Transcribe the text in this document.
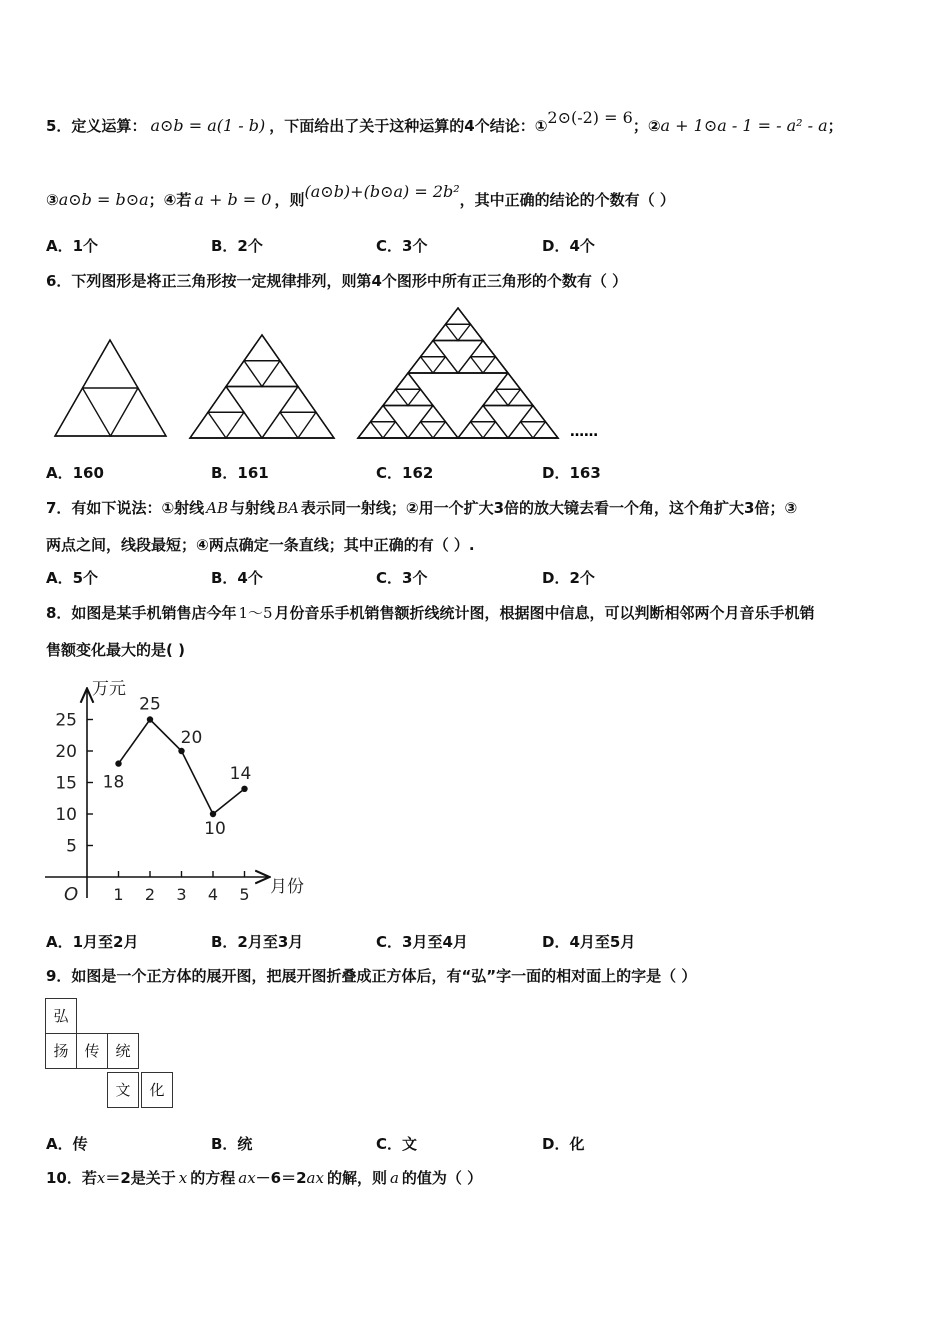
5．定义运算： a⊙b = a(1 - b) ，下面给出了关于这种运算的4个结论：①2⊙(-2) = 6；②a + 1⊙a - 1 = - a² - a；
③a⊙b = b⊙a；④若 a + b = 0 ，则(a⊙b)+(b⊙a) = 2b²，其中正确的结论的个数有（ ）
A．1个	B．2个	C．3个	D．4个
6．下列图形是将正三角形按一定规律排列，则第4个图形中所有正三角形的个数有（ ）
……
A．160	B．161	C．162	D．163
7．有如下说法：①射线 AB 与射线 BA 表示同一射线；②用一个扩大3倍的放大镜去看一个角，这个角扩大3倍；③
两点之间，线段最短；④两点确定一条直线；其中正确的有（ ）.
A．5个	B．4个	C．3个	D．2个
8．如图是某手机销售店今年 1～5 月份音乐手机销售额折线统计图，根据图中信息，可以判断相邻两个月音乐手机销
售额变化最大的是( )
万元
月份
O
5
10
15
20
25
1 2 3 4 5
18
25
20
10
14
A．1月至2月	B．2月至3月	C．3月至4月	D．4月至5月
9．如图是一个正方体的展开图，把展开图折叠成正方体后，有“弘”字一面的相对面上的字是（ ）
弘
扬	传	统
文	化
A．传	B．统	C．文	D．化
10．若x＝2是关于 x 的方程 ax－6＝2ax 的解，则 a 的值为（ ）
